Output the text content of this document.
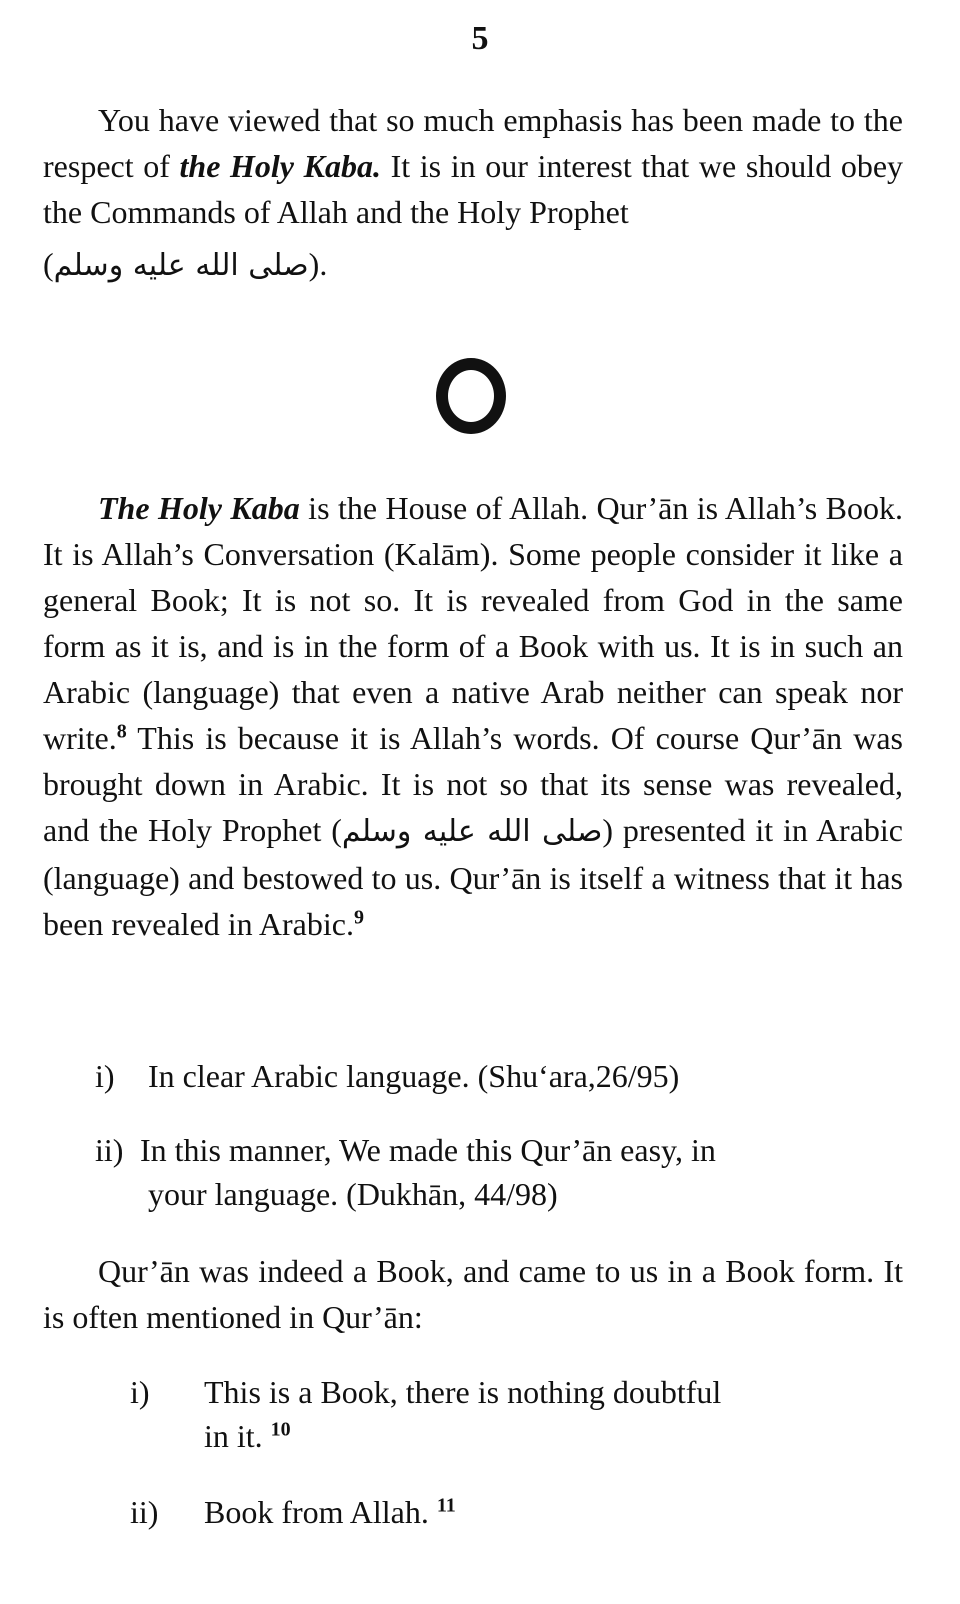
5
You have viewed that so much emphasis has been made to the respect of the Holy Kaba. It is in our interest that we should obey the Commands of Allah and the Holy Prophet
(صلى الله عليه وسلم).
The Holy Kaba is the House of Allah. Qur’ān is Allah’s Book. It is Allah’s Conversation (Kalām). Some people consider it like a general Book; It is not so. It is revealed from God in the same form as it is, and is in the form of a Book with us. It is in such an Arabic (language) that even a native Arab neither can speak nor write.$^8$ This is because it is Allah’s words. Of course Qur’ān was brought down in Arabic. It is not so that its sense was revealed, and the Holy Prophet (صلى الله عليه وسلم) presented it in Arabic (language) and bestowed to us. Qur’ān is itself a witness that it has been revealed in Arabic.$^9$
i) In clear Arabic language. (Shu‘ara,26/95)
ii) In this manner, We made this Qur’ān easy, in
your language. (Dukhān, 44/98)
Qur’ān was indeed a Book, and came to us in a Book form. It is often mentioned in Qur’ān:
i) This is a Book, there is nothing doubtful
in it. $^{10}$
ii) Book from Allah. $^{11}$
